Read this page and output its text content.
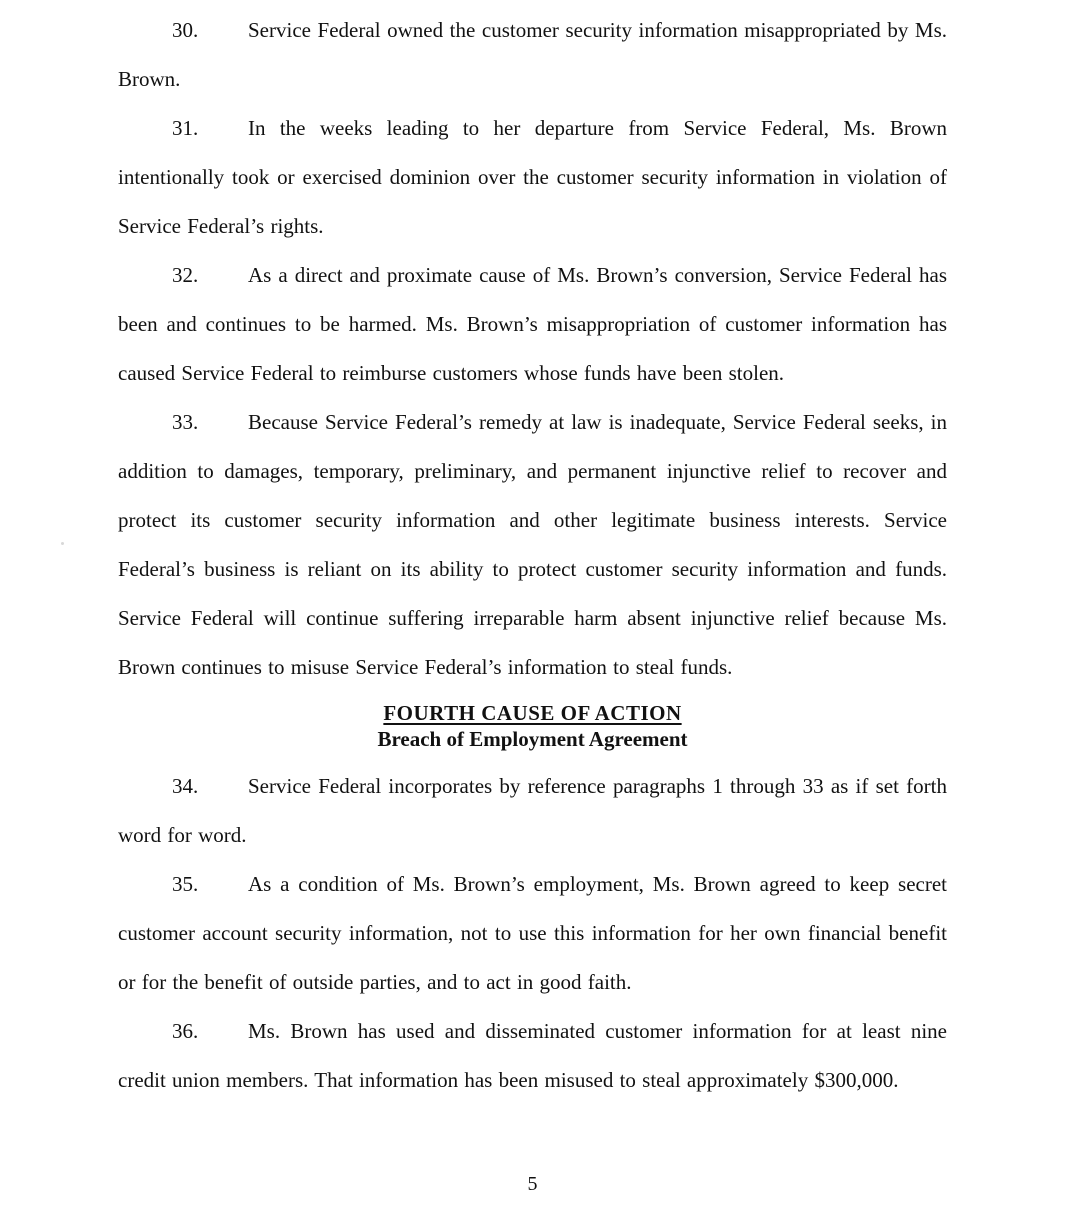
30. Service Federal owned the customer security information misappropriated by Ms. Brown.

31. In the weeks leading to her departure from Service Federal, Ms. Brown intentionally took or exercised dominion over the customer security information in violation of Service Federal’s rights.

32. As a direct and proximate cause of Ms. Brown’s conversion, Service Federal has been and continues to be harmed. Ms. Brown’s misappropriation of customer information has caused Service Federal to reimburse customers whose funds have been stolen.

33. Because Service Federal’s remedy at law is inadequate, Service Federal seeks, in addition to damages, temporary, preliminary, and permanent injunctive relief to recover and protect its customer security information and other legitimate business interests. Service Federal’s business is reliant on its ability to protect customer security information and funds. Service Federal will continue suffering irreparable harm absent injunctive relief because Ms. Brown continues to misuse Service Federal’s information to steal funds.

FOURTH CAUSE OF ACTION
Breach of Employment Agreement

34. Service Federal incorporates by reference paragraphs 1 through 33 as if set forth word for word.

35. As a condition of Ms. Brown’s employment, Ms. Brown agreed to keep secret customer account security information, not to use this information for her own financial benefit or for the benefit of outside parties, and to act in good faith.

36. Ms. Brown has used and disseminated customer information for at least nine credit union members. That information has been misused to steal approximately $300,000.

5
